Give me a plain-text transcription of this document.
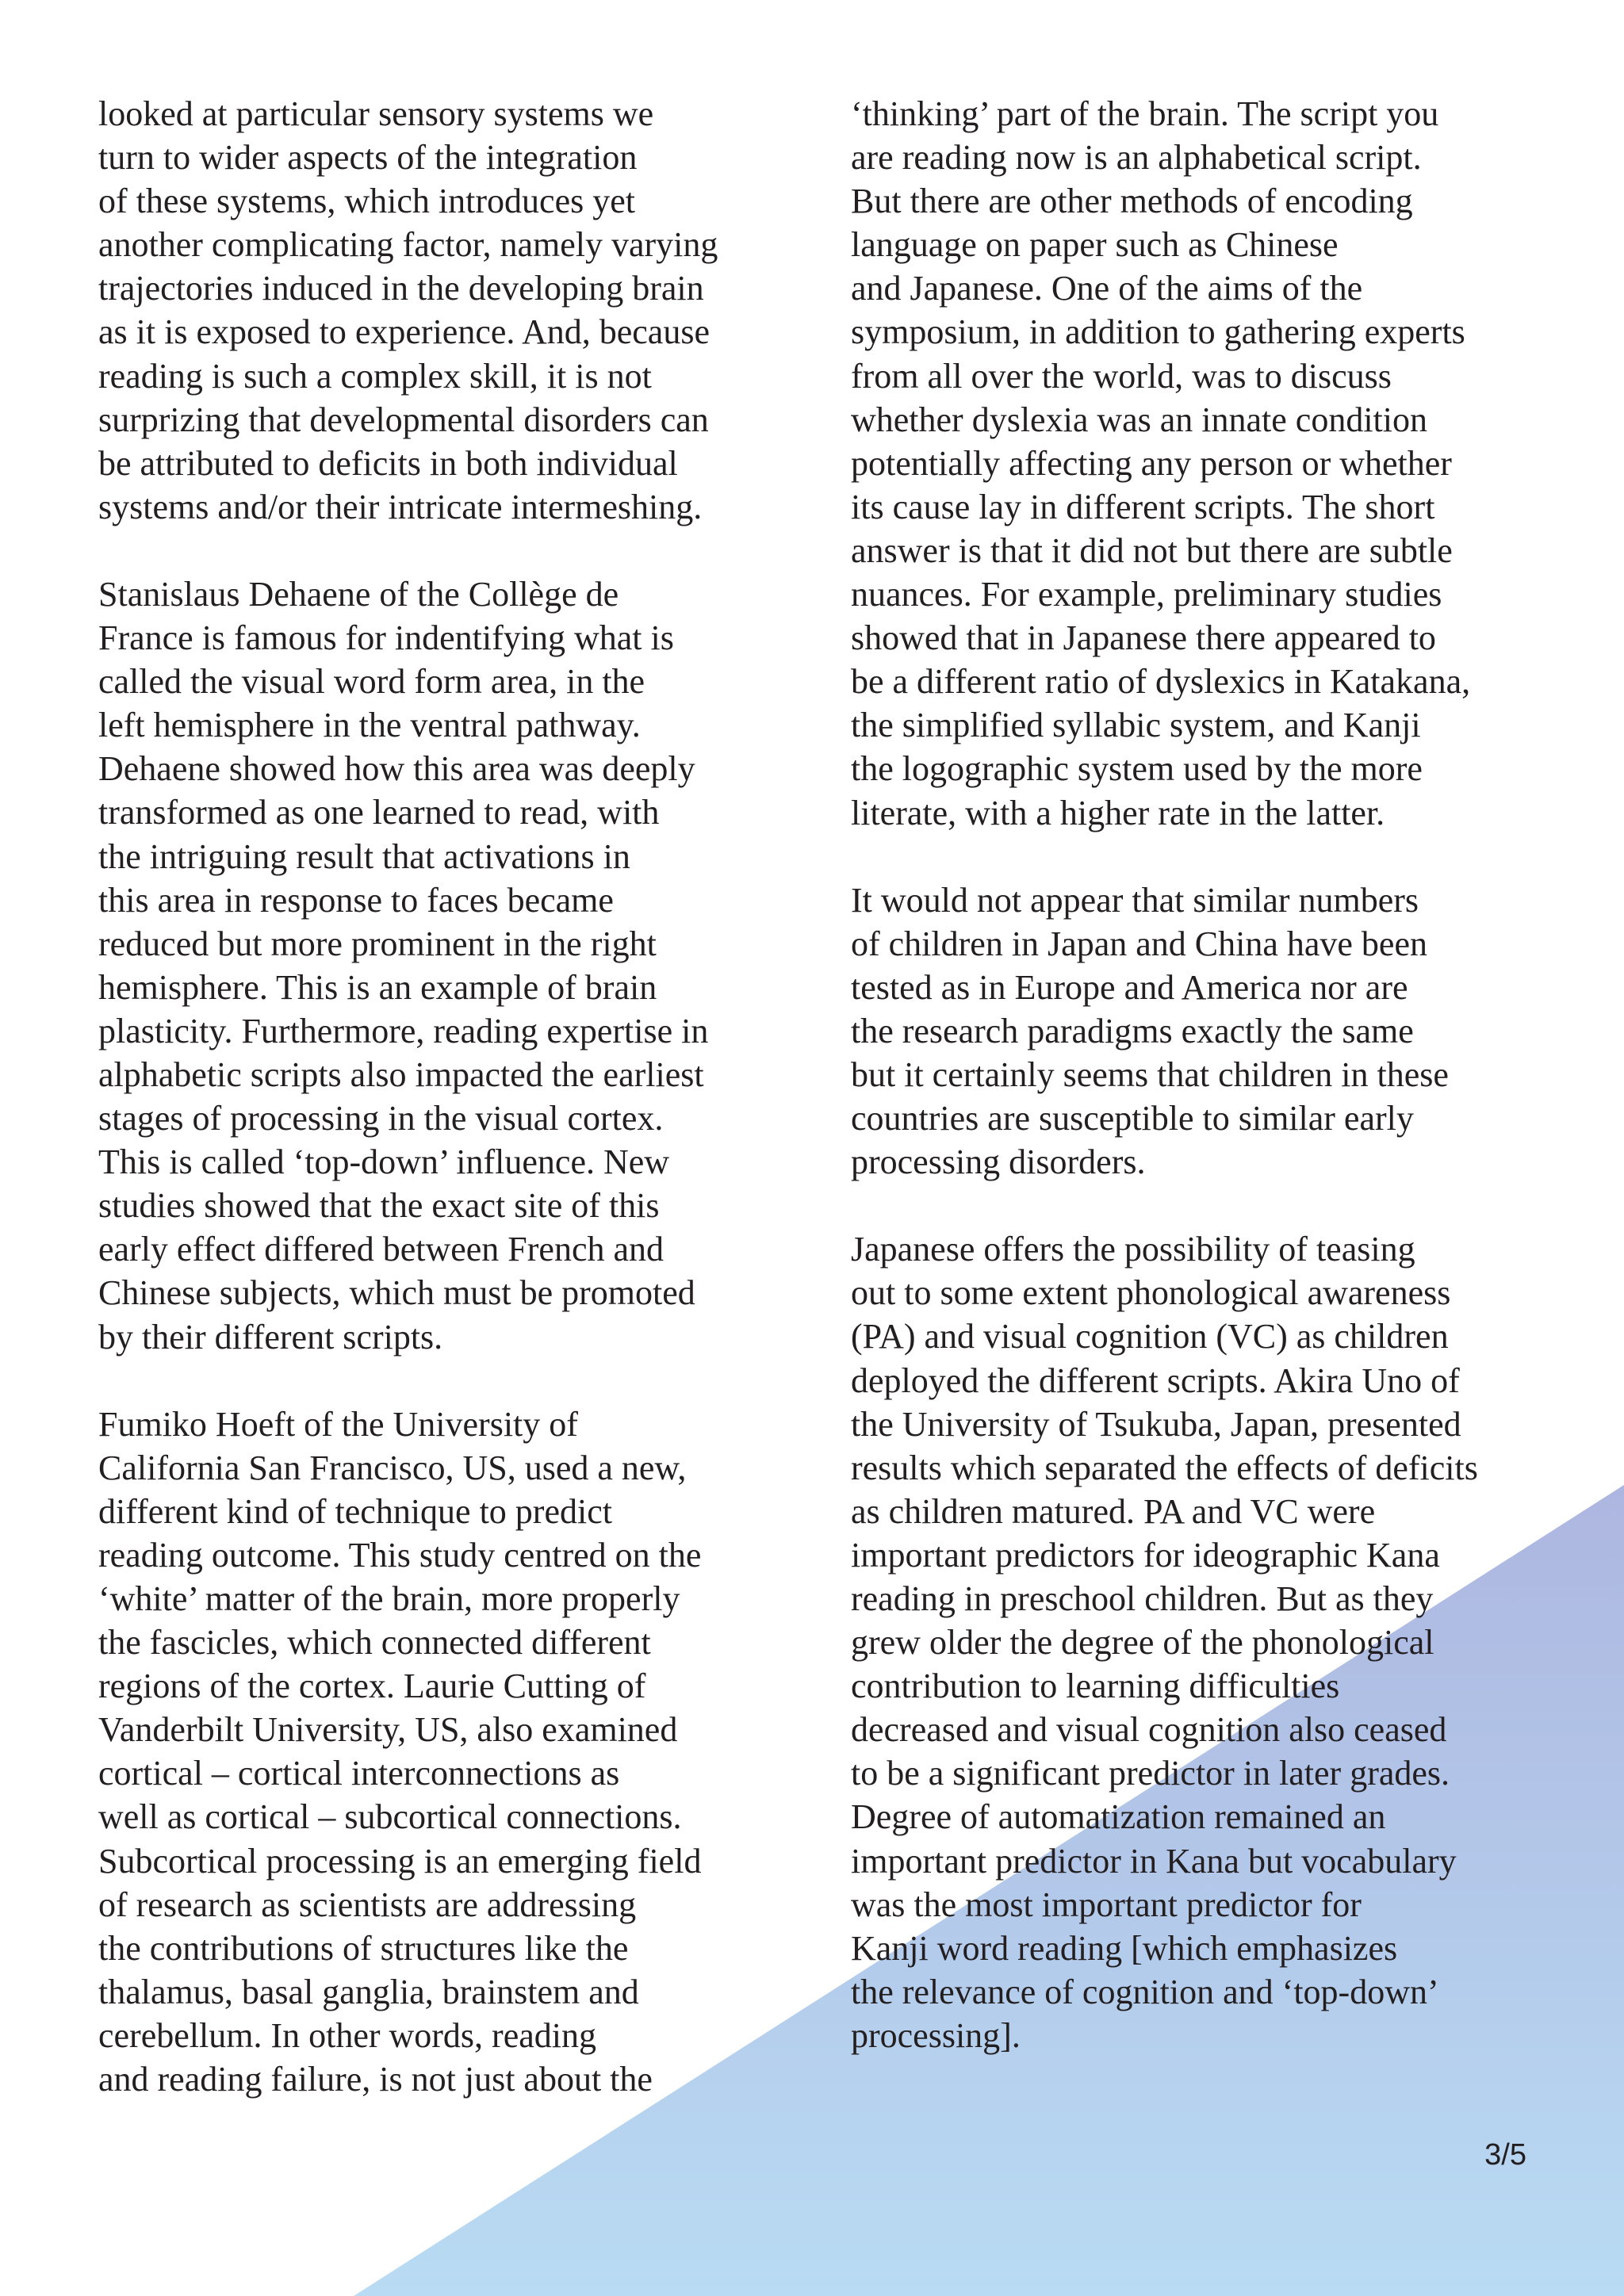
looked at particular sensory systems we
turn to wider aspects of the integration
of these systems, which introduces yet
another complicating factor, namely varying
trajectories induced in the developing brain
as it is exposed to experience. And, because
reading is such a complex skill, it is not
surprizing that developmental disorders can
be attributed to deficits in both individual
systems and/or their intricate intermeshing.
Stanislaus Dehaene of the Collège de
France is famous for indentifying what is
called the visual word form area, in the
left hemisphere in the ventral pathway.
Dehaene showed how this area was deeply
transformed as one learned to read, with
the intriguing result that activations in
this area in response to faces became
reduced but more prominent in the right
hemisphere. This is an example of brain
plasticity. Furthermore, reading expertise in
alphabetic scripts also impacted the earliest
stages of processing in the visual cortex.
This is called ‘top-down’ influence. New
studies showed that the exact site of this
early effect differed between French and
Chinese subjects, which must be promoted
by their different scripts.
Fumiko Hoeft of the University of
California San Francisco, US, used a new,
different kind of technique to predict
reading outcome. This study centred on the
‘white’ matter of the brain, more properly
the fascicles, which connected different
regions of the cortex. Laurie Cutting of
Vanderbilt University, US, also examined
cortical – cortical interconnections as
well as cortical – subcortical connections.
Subcortical processing is an emerging field
of research as scientists are addressing
the contributions of structures like the
thalamus, basal ganglia, brainstem and
cerebellum. In other words, reading
and reading failure, is not just about the
‘thinking’ part of the brain. The script you
are reading now is an alphabetical script.
But there are other methods of encoding
language on paper such as Chinese
and Japanese. One of the aims of the
symposium, in addition to gathering experts
from all over the world, was to discuss
whether dyslexia was an innate condition
potentially affecting any person or whether
its cause lay in different scripts. The short
answer is that it did not but there are subtle
nuances. For example, preliminary studies
showed that in Japanese there appeared to
be a different ratio of dyslexics in Katakana,
the simplified syllabic system, and Kanji
the logographic system used by the more
literate, with a higher rate in the latter.
It would not appear that similar numbers
of children in Japan and China have been
tested as in Europe and America nor are
the research paradigms exactly the same
but it certainly seems that children in these
countries are susceptible to similar early
processing disorders.
Japanese offers the possibility of teasing
out to some extent phonological awareness
(PA) and visual cognition (VC) as children
deployed the different scripts. Akira Uno of
the University of Tsukuba, Japan, presented
results which separated the effects of deficits
as children matured. PA and VC were
important predictors for ideographic Kana
reading in preschool children. But as they
grew older the degree of the phonological
contribution to learning difficulties
decreased and visual cognition also ceased
to be a significant predictor in later grades.
Degree of automatization remained an
important predictor in Kana but vocabulary
was the most important predictor for
Kanji word reading [which emphasizes
the relevance of cognition and ‘top-down’
processing].
3/5
